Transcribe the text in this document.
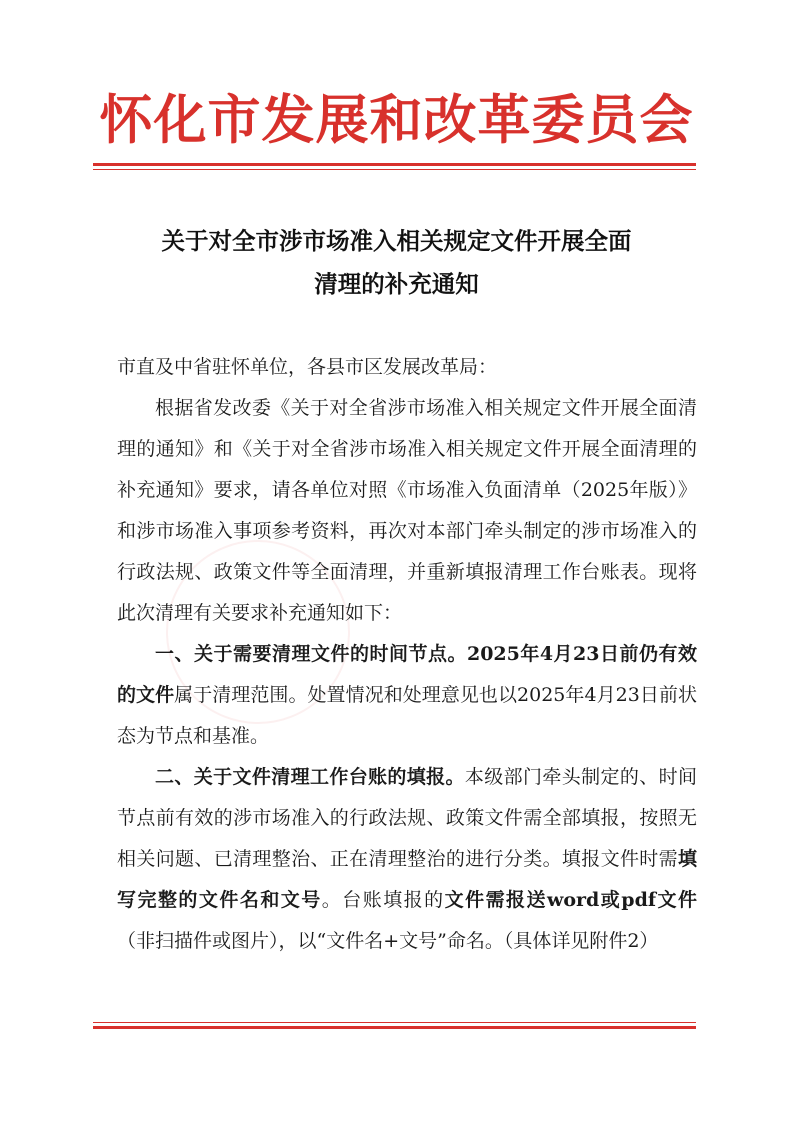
怀化市发展和改革委员会
关于对全市涉市场准入相关规定文件开展全面
清理的补充通知

市直及中省驻怀单位，各县市区发展改革局：

根据省发改委《关于对全省涉市场准入相关规定文件开展全面清理的通知》和《关于对全省涉市场准入相关规定文件开展全面清理的补充通知》要求，请各单位对照《市场准入负面清单（2025年版）》和涉市场准入事项参考资料，再次对本部门牵头制定的涉市场准入的行政法规、政策文件等全面清理，并重新填报清理工作台账表。现将此次清理有关要求补充通知如下：

一、关于需要清理文件的时间节点。2025年4月23日前仍有效的文件属于清理范围。处置情况和处理意见也以2025年4月23日前状态为节点和基准。

二、关于文件清理工作台账的填报。本级部门牵头制定的、时间节点前有效的涉市场准入的行政法规、政策文件需全部填报，按照无相关问题、已清理整治、正在清理整治的进行分类。填报文件时需填写完整的文件名和文号。台账填报的文件需报送word或pdf文件（非扫描件或图片），以“文件名+文号”命名。（具体详见附件2）
